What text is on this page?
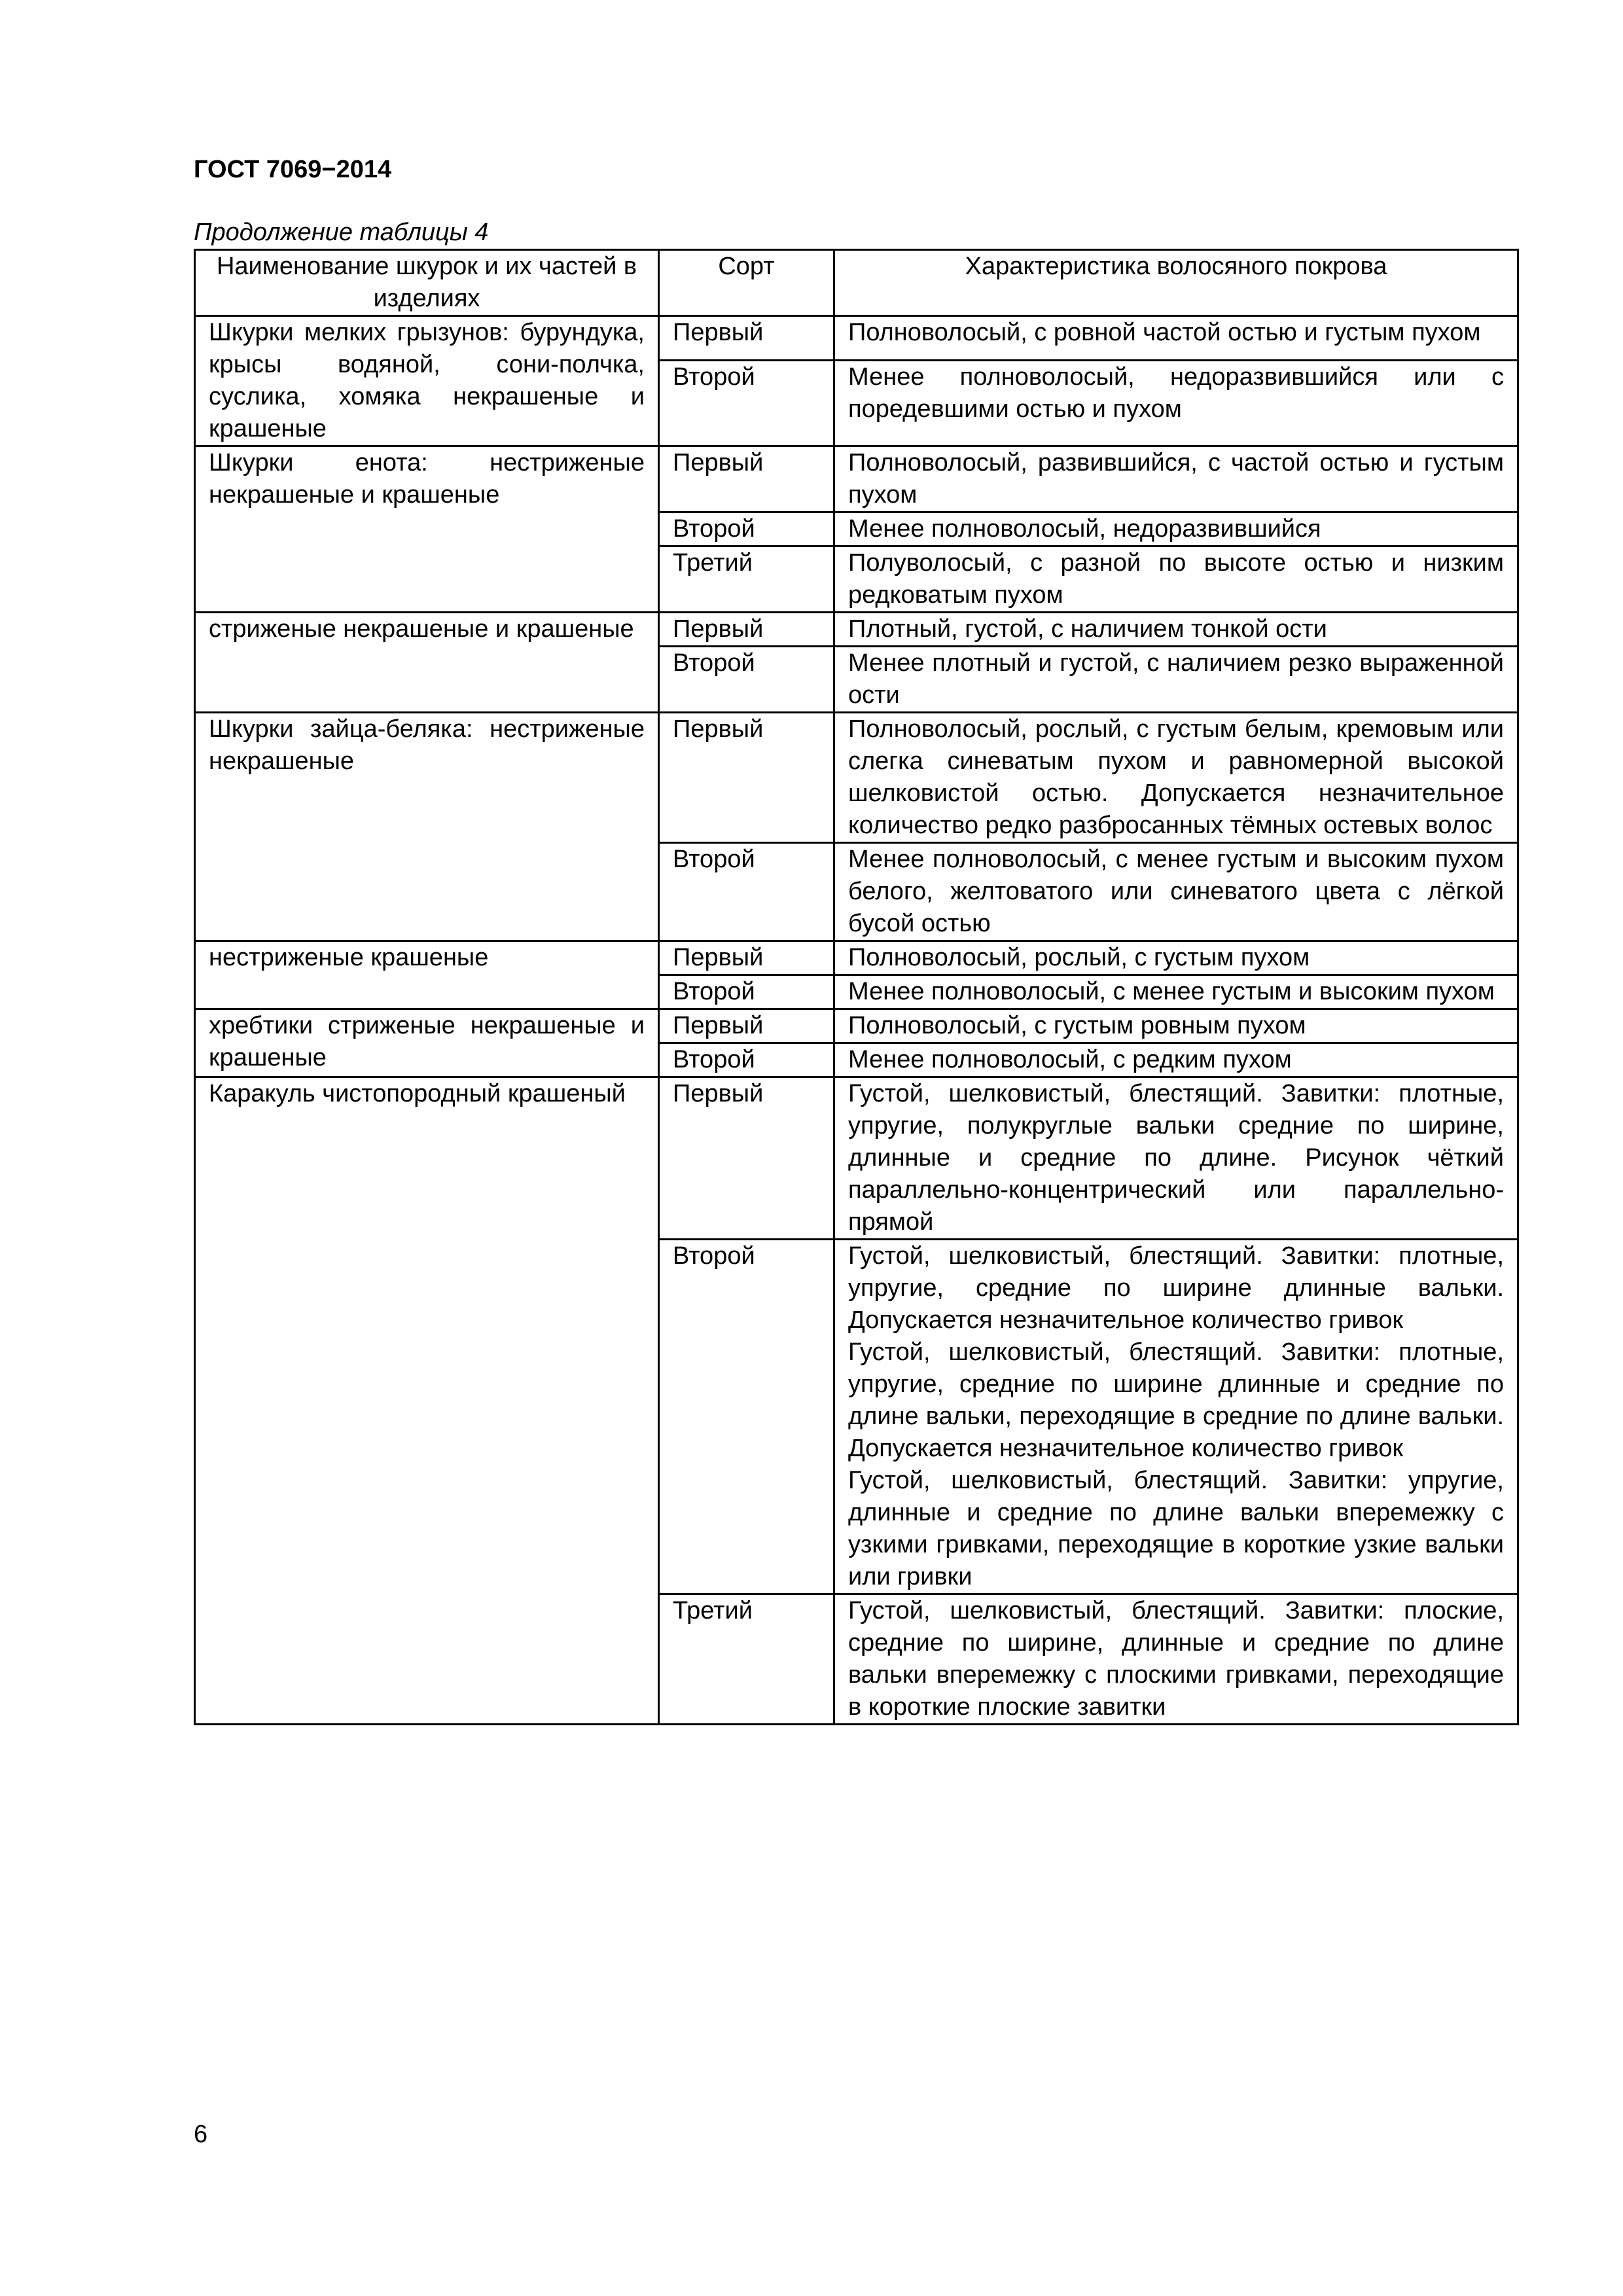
ГОСТ 7069−2014
Продолжение таблицы 4
Наименование шкурок и их частей в изделиях	Сорт	Характеристика волосяного покрова
Шкурки мелких грызунов: бурундука, крысы водяной, сони-полчка, суслика, хомяка некрашеные и крашеные	Первый	Полноволосый, с ровной частой остью и густым пухом

	Второй	Менее полноволосый, недоразвившийся или с поредевшими остью и пухом

Шкурки енота: нестриженые некрашеные и крашеные	Первый	Полноволосый, развившийся, с частой остью и густым пухом

	Второй	Менее полноволосый, недоразвившийся

	Третий	Полуволосый, с разной по высоте остью и низким редковатым пухом

стриженые некрашеные и крашеные	Первый	Плотный, густой, с наличием тонкой ости

	Второй	Менее плотный и густой, с наличием резко выраженной ости

Шкурки зайца-беляка: нестриженые некрашеные	Первый	Полноволосый, рослый, с густым белым, кремовым или слегка синеватым пухом и равномерной высокой шелковистой остью. Допускается незначительное количество редко разбросанных тёмных остевых волос

	Второй	Менее полноволосый, с менее густым и высоким пухом белого, желтоватого или синеватого цвета с лёгкой бусой остью

нестриженые крашеные	Первый	Полноволосый, рослый, с густым пухом

	Второй	Менее полноволосый, с менее густым и высоким пухом

хребтики стриженые некрашеные и крашеные	Первый	Полноволосый, с густым ровным пухом

	Второй	Менее полноволосый, с редким пухом

Каракуль чистопородный крашеный	Первый	Густой, шелковистый, блестящий. Завитки: плотные, упругие, полукруглые вальки средние по ширине, длинные и средние по длине. Рисунок чёткий параллельно-концентрический или параллельно-прямой

	Второй	Густой, шелковистый, блестящий. Завитки: плотные, упругие, средние по ширине длинные вальки. Допускается незначительное количество гривок
Густой, шелковистый, блестящий. Завитки: плотные, упругие, средние по ширине длинные и средние по длине вальки, переходящие в средние по длине вальки. Допускается незначительное количество гривок
Густой, шелковистый, блестящий. Завитки: упругие, длинные и средние по длине вальки вперемежку с узкими гривками, переходящие в короткие узкие вальки или гривки

	Третий	Густой, шелковистый, блестящий. Завитки: плоские, средние по ширине, длинные и средние по длине вальки вперемежку с плоскими гривками, переходящие в короткие плоские завитки
6
